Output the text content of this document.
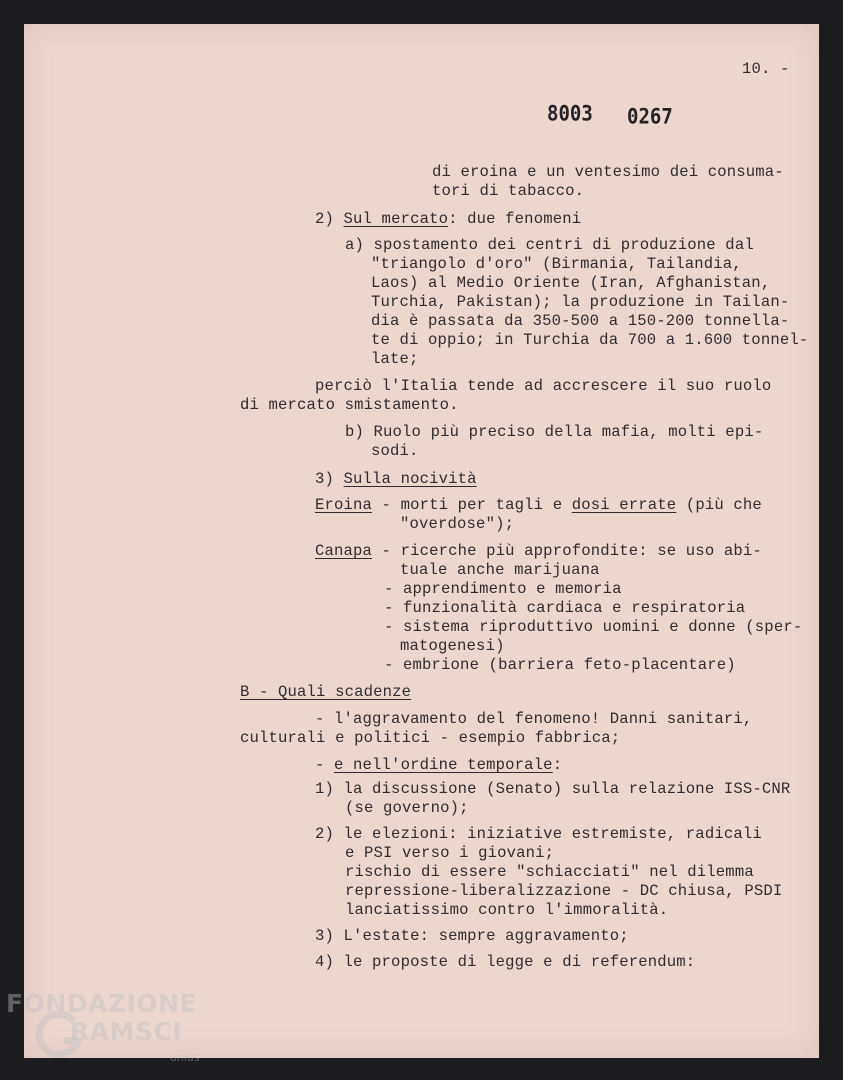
10. -
8003 0267
di eroina e un ventesimo dei consuma-
tori di tabacco.
2) Sul mercato: due fenomeni
a) spostamento dei centri di produzione dal
"triangolo d'oro" (Birmania, Tailandia,
Laos) al Medio Oriente (Iran, Afghanistan,
Turchia, Pakistan); la produzione in Tailan-
dia è passata da 350-500 a 150-200 tonnella-
te di oppio; in Turchia da 700 a 1.600 tonnel-
late;
perciò l'Italia tende ad accrescere il suo ruolo
di mercato smistamento.
b) Ruolo più preciso della mafia, molti epi-
sodi.
3) Sulla nocività
Eroina - morti per tagli e dosi errate (più che
"overdose");
Canapa - ricerche più approfondite: se uso abi-
tuale anche marijuana
- apprendimento e memoria
- funzionalità cardiaca e respiratoria
- sistema riproduttivo uomini e donne (sper-
matogenesi)
- embrione (barriera feto-placentare)
B - Quali scadenze
- l'aggravamento del fenomeno! Danni sanitari,
culturali e politici - esempio fabbrica;
- e nell'ordine temporale:
1) la discussione (Senato) sulla relazione ISS-CNR
(se governo);
2) le elezioni: iniziative estremiste, radicali
e PSI verso i giovani;
rischio di essere "schiacciati" nel dilemma
repressione-liberalizzazione - DC chiusa, PSDI
lanciatissimo contro l'immoralità.
3) L'estate: sempre aggravamento;
4) le proposte di legge e di referendum:
FONDAZIONE
RAMSCI
onlus
